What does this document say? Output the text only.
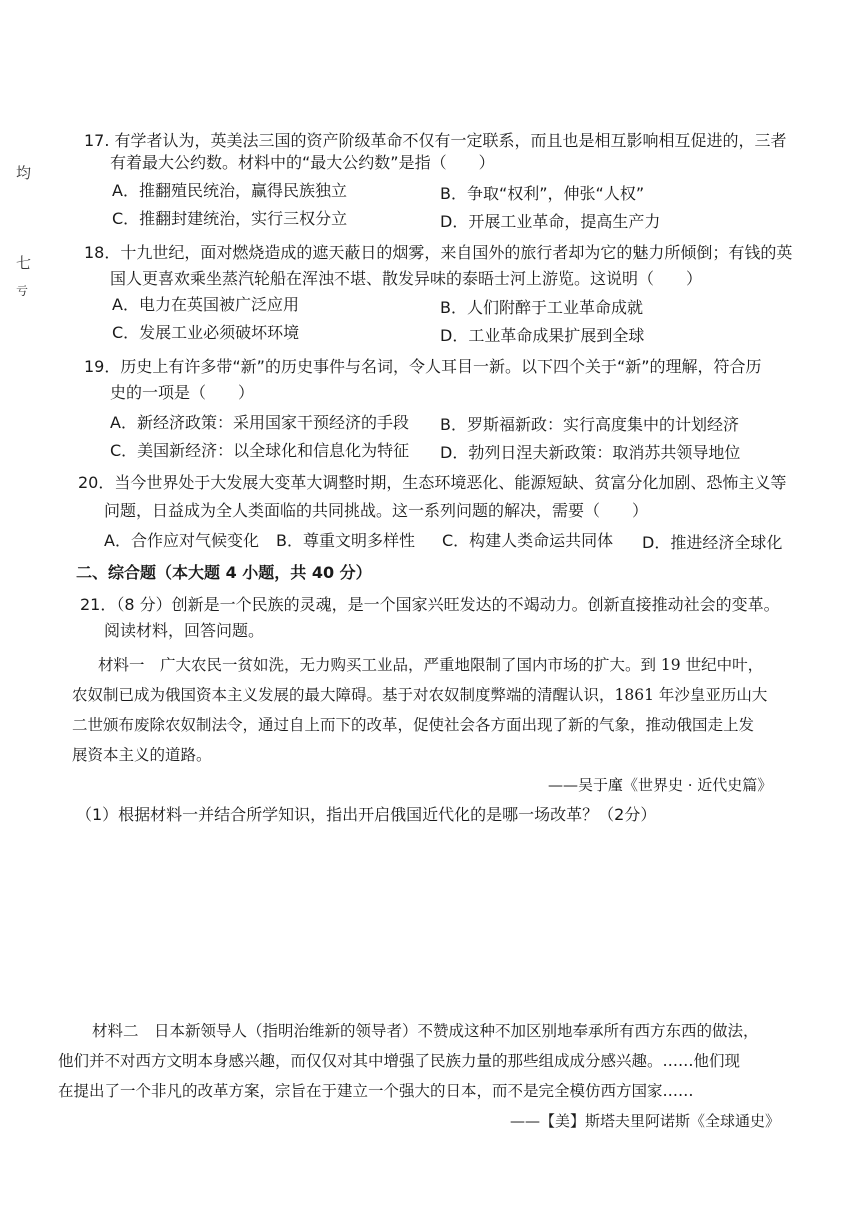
均
七
亏
17. 有学者认为，英美法三国的资产阶级革命不仅有一定联系，而且也是相互影响相互促进的，三者
有着最大公约数。材料中的“最大公约数”是指（　　）
A．推翻殖民统治，赢得民族独立	B．争取“权利”，伸张“人权”
C．推翻封建统治，实行三权分立	D．开展工业革命，提高生产力
18．十九世纪，面对燃烧造成的遮天蔽日的烟雾，来自国外的旅行者却为它的魅力所倾倒；有钱的英
国人更喜欢乘坐蒸汽轮船在浑浊不堪、散发异味的泰晤士河上游览。这说明（　　）
A．电力在英国被广泛应用	B．人们附醉于工业革命成就
C．发展工业必须破坏环境	D．工业革命成果扩展到全球
19．历史上有许多带“新”的历史事件与名词，令人耳目一新。以下四个关于“新”的理解，符合历
史的一项是（　　）
A．新经济政策：采用国家干预经济的手段 B．罗斯福新政：实行高度集中的计划经济
C．美国新经济：以全球化和信息化为特征 D．勃列日涅夫新政策：取消苏共领导地位
20．当今世界处于大发展大变革大调整时期，生态环境恶化、能源短缺、贫富分化加剧、恐怖主义等
问题，日益成为全人类面临的共同挑战。这一系列问题的解决，需要（　　）
A．合作应对气候变化 B．尊重文明多样性 C．构建人类命运共同体 D．推进经济全球化
二、综合题（本大题 4 小题，共 40 分）
21．（8 分）创新是一个民族的灵魂，是一个国家兴旺发达的不竭动力。创新直接推动社会的变革。
阅读材料，回答问题。
材料一　广大农民一贫如洗，无力购买工业品，严重地限制了国内市场的扩大。到 19 世纪中叶，
农奴制已成为俄国资本主义发展的最大障碍。基于对农奴制度弊端的清醒认识，1861 年沙皇亚历山大
二世颁布废除农奴制法令，通过自上而下的改革，促使社会各方面出现了新的气象，推动俄国走上发
展资本主义的道路。
——吴于廑《世界史 · 近代史篇》
（1）根据材料一并结合所学知识，指出开启俄国近代化的是哪一场改革？（2分）
材料二　日本新领导人（指明治维新的领导者）不赞成这种不加区别地奉承所有西方东西的做法，
他们并不对西方文明本身感兴趣，而仅仅对其中增强了民族力量的那些组成成分感兴趣。……他们现
在提出了一个非凡的改革方案，宗旨在于建立一个强大的日本，而不是完全模仿西方国家……
——【美】斯塔夫里阿诺斯《全球通史》
